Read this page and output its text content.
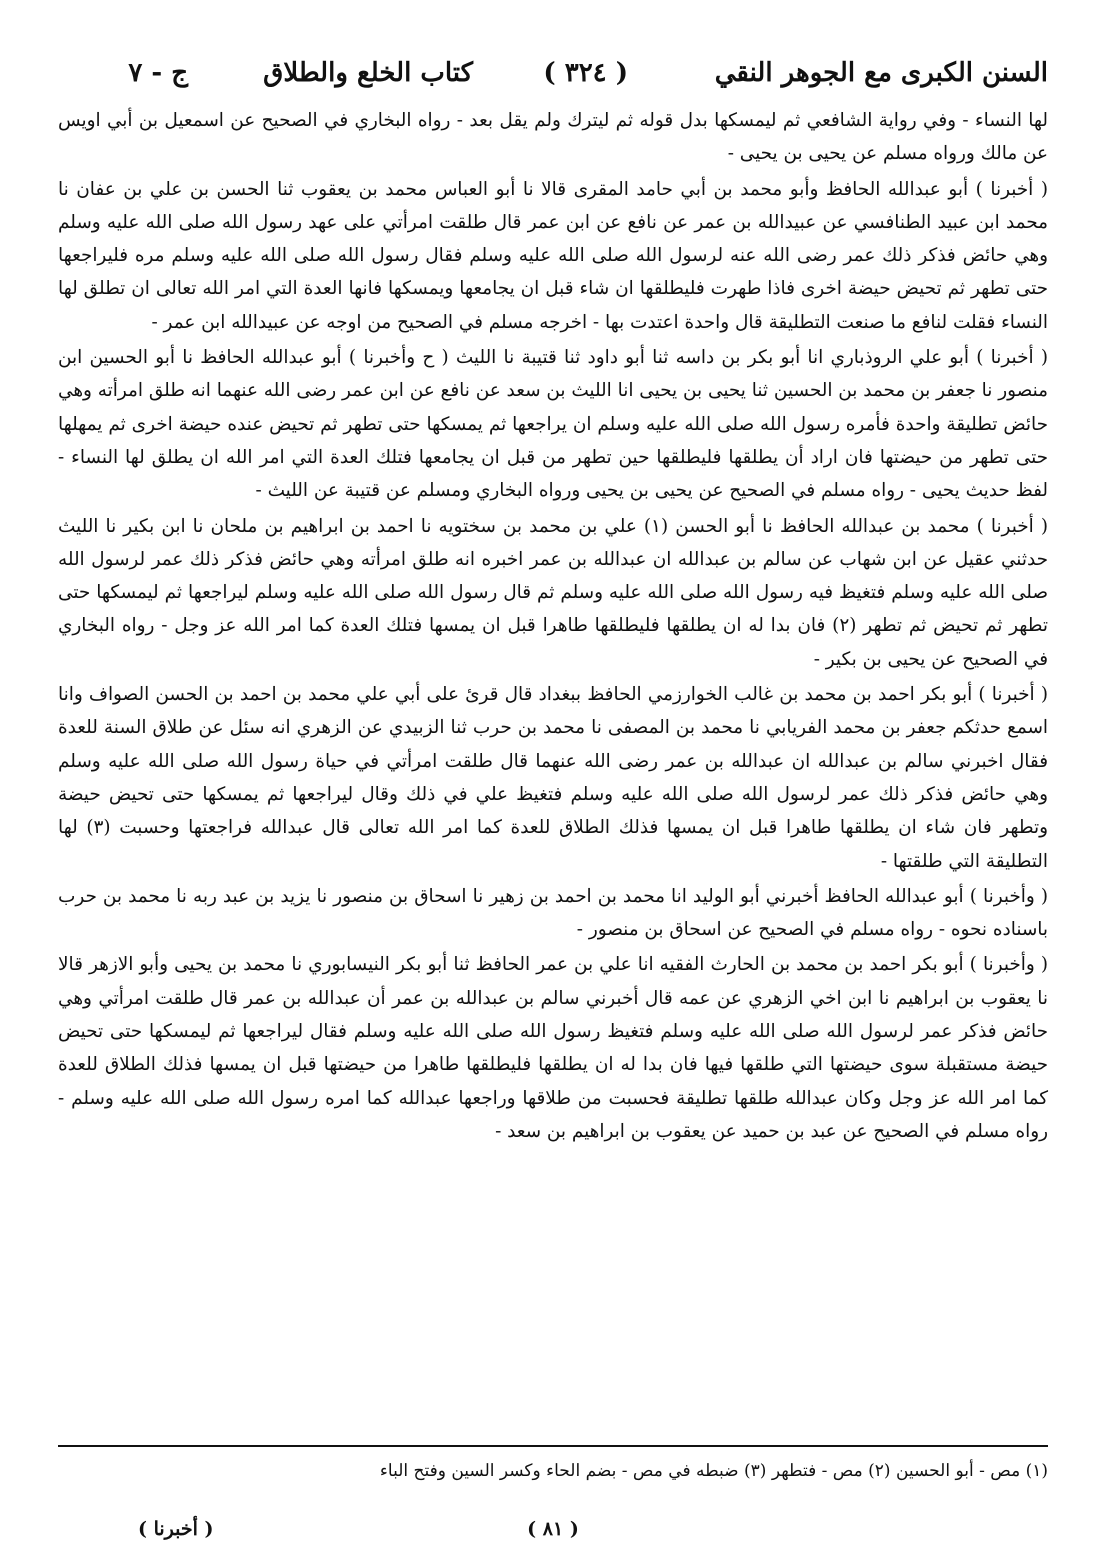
السنن الكبرى مع الجوهر النقي
( ٣٢٤ )
كتاب الخلع والطلاق
ج - ٧

لها النساء - وفي رواية الشافعي ثم ليمسكها بدل قوله ثم ليترك ولم يقل بعد - رواه البخاري في الصحيح عن اسمعيل بن أبي اويس عن مالك ورواه مسلم عن يحيى بن يحيى -

( أخبرنا ) أبو عبدالله الحافظ وأبو محمد بن أبي حامد المقرى قالا نا أبو العباس محمد بن يعقوب ثنا الحسن بن علي بن عفان نا محمد ابن عبيد الطنافسي عن عبيدالله بن عمر عن نافع عن ابن عمر قال طلقت امرأتي على عهد رسول الله صلى الله عليه وسلم وهي حائض فذكر ذلك عمر رضى الله عنه لرسول الله صلى الله عليه وسلم فقال رسول الله صلى الله عليه وسلم مره فليراجعها حتى تطهر ثم تحيض حيضة اخرى فاذا طهرت فليطلقها ان شاء قبل ان يجامعها ويمسكها فانها العدة التي امر الله تعالى ان تطلق لها النساء فقلت لنافع ما صنعت التطليقة قال واحدة اعتدت بها - اخرجه مسلم في الصحيح من اوجه عن عبيدالله ابن عمر -

( أخبرنا ) أبو علي الروذباري انا أبو بكر بن داسه ثنا أبو داود ثنا قتيبة نا الليث ( ح وأخبرنا ) أبو عبدالله الحافظ نا أبو الحسين ابن منصور نا جعفر بن محمد بن الحسين ثنا يحيى بن يحيى انا الليث بن سعد عن نافع عن ابن عمر رضى الله عنهما انه طلق امرأته وهي حائض تطليقة واحدة فأمره رسول الله صلى الله عليه وسلم ان يراجعها ثم يمسكها حتى تطهر ثم تحيض عنده حيضة اخرى ثم يمهلها حتى تطهر من حيضتها فان اراد أن يطلقها فليطلقها حين تطهر من قبل ان يجامعها فتلك العدة التي امر الله ان يطلق لها النساء - لفظ حديث يحيى - رواه مسلم في الصحيح عن يحيى بن يحيى ورواه البخاري ومسلم عن قتيبة عن الليث -

( أخبرنا ) محمد بن عبدالله الحافظ نا أبو الحسن (١) علي بن محمد بن سختويه نا احمد بن ابراهيم بن ملحان نا ابن بكير نا الليث حدثني عقيل عن ابن شهاب عن سالم بن عبدالله ان عبدالله بن عمر اخبره انه طلق امرأته وهي حائض فذكر ذلك عمر لرسول الله صلى الله عليه وسلم فتغيظ فيه رسول الله صلى الله عليه وسلم ثم قال رسول الله صلى الله عليه وسلم ليراجعها ثم ليمسكها حتى تطهر ثم تحيض ثم تطهر (٢) فان بدا له ان يطلقها فليطلقها طاهرا قبل ان يمسها فتلك العدة كما امر الله عز وجل - رواه البخاري في الصحيح عن يحيى بن بكير -

( أخبرنا ) أبو بكر احمد بن محمد بن غالب الخوارزمي الحافظ ببغداد قال قرئ على أبي علي محمد بن احمد بن الحسن الصواف وانا اسمع حدثكم جعفر بن محمد الفريابي نا محمد بن المصفى نا محمد بن حرب ثنا الزبيدي عن الزهري انه سئل عن طلاق السنة للعدة فقال اخبرني سالم بن عبدالله ان عبدالله بن عمر رضى الله عنهما قال طلقت امرأتي في حياة رسول الله صلى الله عليه وسلم وهي حائض فذكر ذلك عمر لرسول الله صلى الله عليه وسلم فتغيظ علي في ذلك وقال ليراجعها ثم يمسكها حتى تحيض حيضة وتطهر فان شاء ان يطلقها طاهرا قبل ان يمسها فذلك الطلاق للعدة كما امر الله تعالى قال عبدالله فراجعتها وحسبت (٣) لها التطليقة التي طلقتها -

( وأخبرنا ) أبو عبدالله الحافظ أخبرني أبو الوليد انا محمد بن احمد بن زهير نا اسحاق بن منصور نا يزيد بن عبد ربه نا محمد بن حرب باسناده نحوه - رواه مسلم في الصحيح عن اسحاق بن منصور -

( وأخبرنا ) أبو بكر احمد بن محمد بن الحارث الفقيه انا علي بن عمر الحافظ ثنا أبو بكر النيسابوري نا محمد بن يحيى وأبو الازهر قالا نا يعقوب بن ابراهيم نا ابن اخي الزهري عن عمه قال أخبرني سالم بن عبدالله بن عمر أن عبدالله بن عمر قال طلقت امرأتي وهي حائض فذكر عمر لرسول الله صلى الله عليه وسلم فتغيظ رسول الله صلى الله عليه وسلم فقال ليراجعها ثم ليمسكها حتى تحيض حيضة مستقبلة سوى حيضتها التي طلقها فيها فان بدا له ان يطلقها فليطلقها طاهرا من حيضتها قبل ان يمسها فذلك الطلاق للعدة كما امر الله عز وجل وكان عبدالله طلقها تطليقة فحسبت من طلاقها وراجعها عبدالله كما امره رسول الله صلى الله عليه وسلم - رواه مسلم في الصحيح عن عبد بن حميد عن يعقوب بن ابراهيم بن سعد -

(١) مص - أبو الحسين (٢) مص - فتطهر (٣) ضبطه في مص - بضم الحاء وكسر السين وفتح الباء
( ٨١ )
( أخبرنا )
